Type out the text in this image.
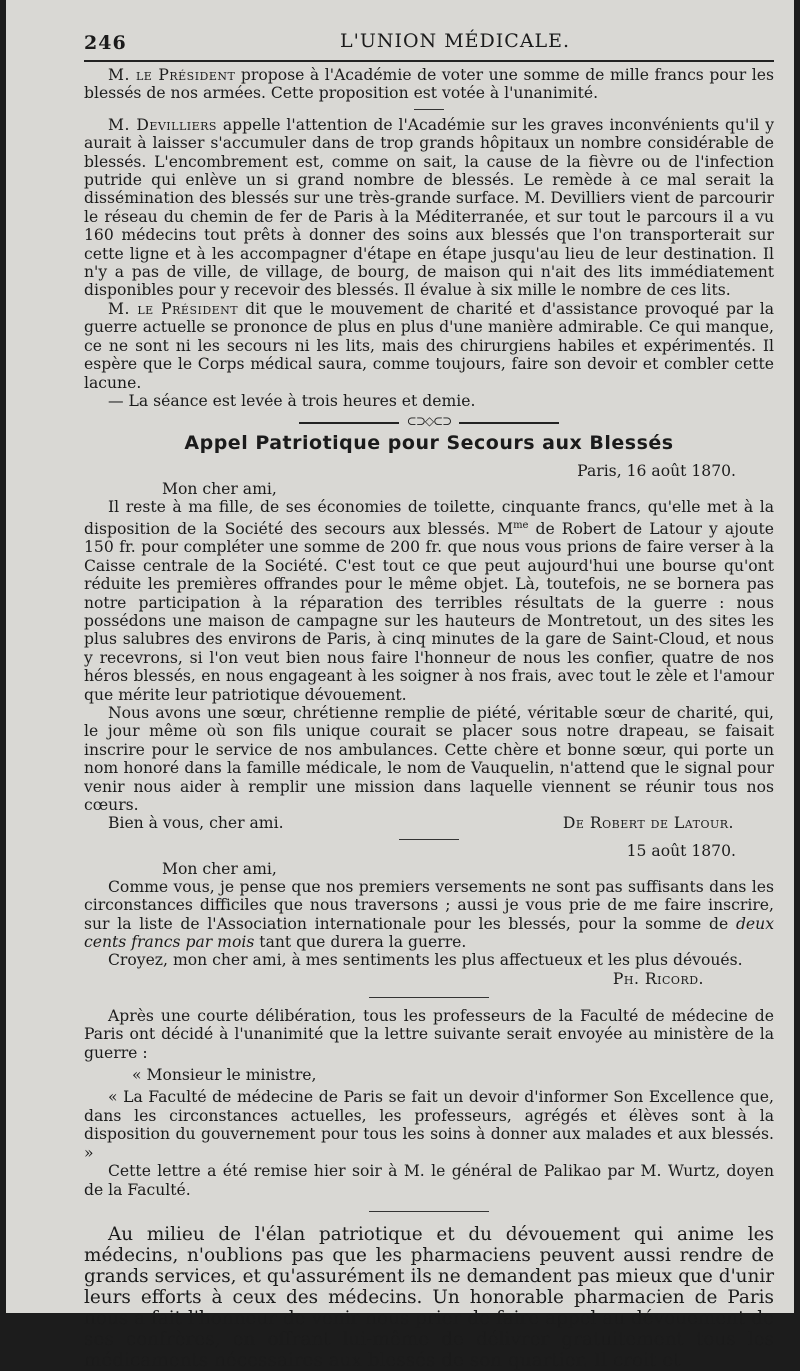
246	L'UNION MÉDICALE.

M. le Président propose à l'Académie de voter une somme de mille francs pour les blessés de nos armées. Cette proposition est votée à l'unanimité.

M. Devilliers appelle l'attention de l'Académie sur les graves inconvénients qu'il y aurait à laisser s'accumuler dans de trop grands hôpitaux un nombre considérable de blessés. L'encombrement est, comme on sait, la cause de la fièvre ou de l'infection putride qui enlève un si grand nombre de blessés. Le remède à ce mal serait la dissémination des blessés sur une très-grande surface. M. Devilliers vient de parcourir le réseau du chemin de fer de Paris à la Méditerranée, et sur tout le parcours il a vu 160 médecins tout prêts à donner des soins aux blessés que l'on transporterait sur cette ligne et à les accompagner d'étape en étape jusqu'au lieu de leur destination. Il n'y a pas de ville, de village, de bourg, de maison qui n'ait des lits immédiatement disponibles pour y recevoir des blessés. Il évalue à six mille le nombre de ces lits.

M. le Président dit que le mouvement de charité et d'assistance provoqué par la guerre actuelle se prononce de plus en plus d'une manière admirable. Ce qui manque, ce ne sont ni les secours ni les lits, mais des chirurgiens habiles et expérimentés. Il espère que le Corps médical saura, comme toujours, faire son devoir et combler cette lacune.

— La séance est levée à trois heures et demie.

⊂⊃◇⊂⊃
Appel Patriotique pour Secours aux Blessés
Paris, 16 août 1870.
Mon cher ami,

Il reste à ma fille, de ses économies de toilette, cinquante francs, qu'elle met à la disposition de la Société des secours aux blessés. $M^{me}$ de Robert de Latour y ajoute 150 fr. pour compléter une somme de 200 fr. que nous vous prions de faire verser à la Caisse centrale de la Société. C'est tout ce que peut aujourd'hui une bourse qu'ont réduite les premières offrandes pour le même objet. Là, toutefois, ne se bornera pas notre participation à la réparation des terribles résultats de la guerre : nous possédons une maison de campagne sur les hauteurs de Montretout, un des sites les plus salubres des environs de Paris, à cinq minutes de la gare de Saint-Cloud, et nous y recevrons, si l'on veut bien nous faire l'honneur de nous les confier, quatre de nos héros blessés, en nous engageant à les soigner à nos frais, avec tout le zèle et l'amour que mérite leur patriotique dévouement.

Nous avons une sœur, chrétienne remplie de piété, véritable sœur de charité, qui, le jour même où son fils unique courait se placer sous notre drapeau, se faisait inscrire pour le service de nos ambulances. Cette chère et bonne sœur, qui porte un nom honoré dans la famille médicale, le nom de Vauquelin, n'attend que le signal pour venir nous aider à remplir une mission dans laquelle viennent se réunir tous nos cœurs.

Bien à vous, cher ami.	De Robert de Latour.
15 août 1870.
Mon cher ami,

Comme vous, je pense que nos premiers versements ne sont pas suffisants dans les circonstances difficiles que nous traversons ; aussi je vous prie de me faire inscrire, sur la liste de l'Association internationale pour les blessés, pour la somme de deux cents francs par mois tant que durera la guerre.

Croyez, mon cher ami, à mes sentiments les plus affectueux et les plus dévoués.

Ph. Ricord.

Après une courte délibération, tous les professeurs de la Faculté de médecine de Paris ont décidé à l'unanimité que la lettre suivante serait envoyée au ministère de la guerre :

« Monsieur le ministre,

« La Faculté de médecine de Paris se fait un devoir d'informer Son Excellence que, dans les circonstances actuelles, les professeurs, agrégés et élèves sont à la disposition du gouvernement pour tous les soins à donner aux malades et aux blessés. »

Cette lettre a été remise hier soir à M. le général de Palikao par M. Wurtz, doyen de la Faculté.

Au milieu de l'élan patriotique et du dévouement qui anime les médecins, n'oublions pas que les pharmaciens peuvent aussi rendre de grands services, et qu'assurément ils ne demandent pas mieux que d'unir leurs efforts à ceux des médecins. Un honorable pharmacien de Paris nous a fait l'honneur de venir nous prier de faire appel au dévouement de ses confrères, en offrant lui-même de délivrer gratuitement tous les médicaments nécessaires aux blessés de son quartier. Il croit et
